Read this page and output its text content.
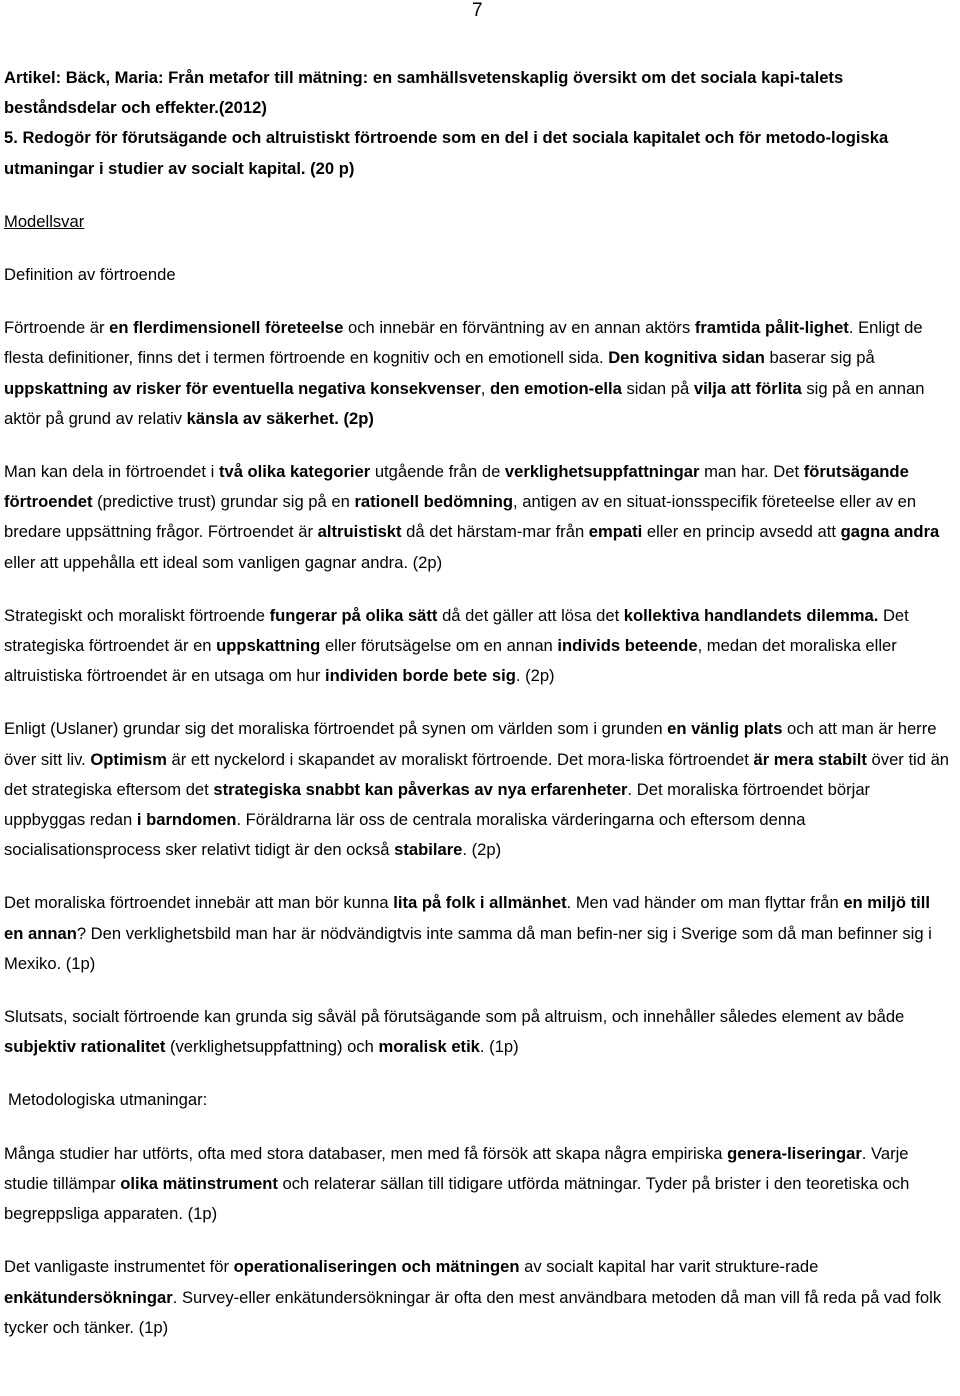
7

Artikel: Bäck, Maria: Från metafor till mätning: en samhällsvetenskaplig översikt om det sociala kapi-talets beståndsdelar och effekter.(2012)

5. Redogör för förutsägande och altruistiskt förtroende som en del i det sociala kapitalet och för metodo-logiska utmaningar i studier av socialt kapital. (20 p)

Modellsvar

Definition av förtroende

Förtroende är en flerdimensionell företeelse och innebär en förväntning av en annan aktörs framtida pålit-lighet. Enligt de flesta definitioner, finns det i termen förtroende en kognitiv och en emotionell sida. Den kognitiva sidan baserar sig på uppskattning av risker för eventuella negativa konsekvenser, den emotion-ella sidan på vilja att förlita sig på en annan aktör på grund av relativ känsla av säkerhet. (2p)

Man kan dela in förtroendet i två olika kategorier utgående från de verklighetsuppfattningar man har. Det förutsägande förtroendet (predictive trust) grundar sig på en rationell bedömning, antigen av en situat-ionsspecifik företeelse eller av en bredare uppsättning frågor. Förtroendet är altruistiskt då det härstam-mar från empati eller en princip avsedd att gagna andra eller att uppehålla ett ideal som vanligen gagnar andra. (2p)

Strategiskt och moraliskt förtroende fungerar på olika sätt då det gäller att lösa det kollektiva handlandets dilemma. Det strategiska förtroendet är en uppskattning eller förutsägelse om en annan individs beteende, medan det moraliska eller altruistiska förtroendet är en utsaga om hur individen borde bete sig. (2p)

Enligt (Uslaner) grundar sig det moraliska förtroendet på synen om världen som i grunden en vänlig plats och att man är herre över sitt liv. Optimism är ett nyckelord i skapandet av moraliskt förtroende. Det mora-liska förtroendet är mera stabilt över tid än det strategiska eftersom det strategiska snabbt kan påverkas av nya erfarenheter. Det moraliska förtroendet börjar uppbyggas redan i barndomen. Föräldrarna lär oss de centrala moraliska värderingarna och eftersom denna socialisationsprocess sker relativt tidigt är den också stabilare. (2p)

Det moraliska förtroendet innebär att man bör kunna lita på folk i allmänhet. Men vad händer om man flyttar från en miljö till en annan? Den verklighetsbild man har är nödvändigtvis inte samma då man befin-ner sig i Sverige som då man befinner sig i Mexiko. (1p)

Slutsats, socialt förtroende kan grunda sig såväl på förutsägande som på altruism, och innehåller således element av både subjektiv rationalitet (verklighetsuppfattning) och moralisk etik. (1p)

Metodologiska utmaningar:

Många studier har utförts, ofta med stora databaser, men med få försök att skapa några empiriska genera-liseringar. Varje studie tillämpar olika mätinstrument och relaterar sällan till tidigare utförda mätningar. Tyder på brister i den teoretiska och begreppsliga apparaten. (1p)

Det vanligaste instrumentet för operationaliseringen och mätningen av socialt kapital har varit strukture-rade enkätundersökningar. Survey-eller enkätundersökningar är ofta den mest användbara metoden då man vill få reda på vad folk tycker och tänker. (1p)
